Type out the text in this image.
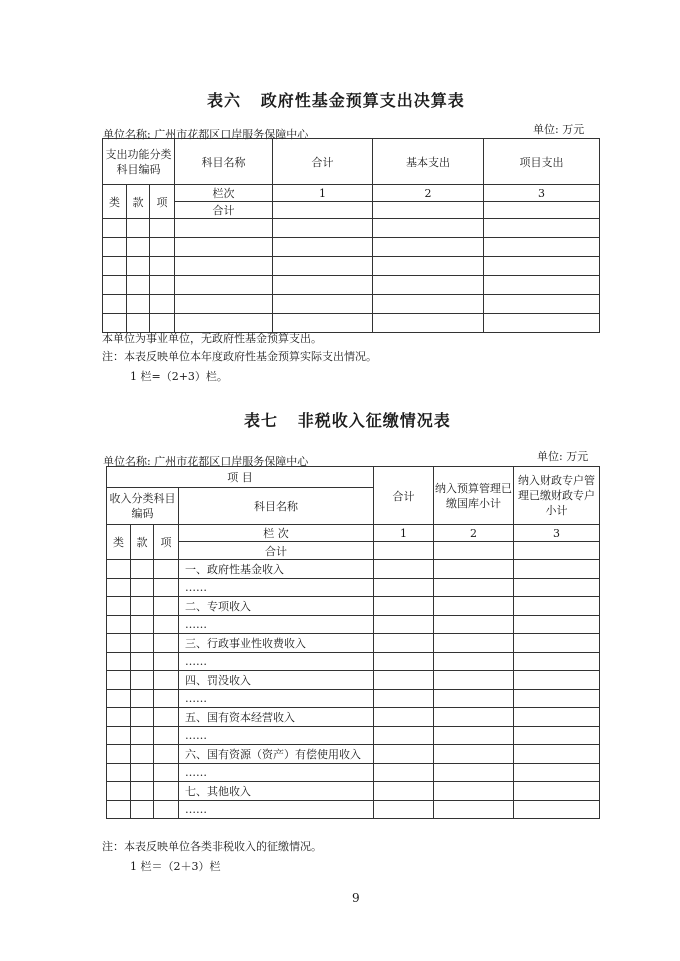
表六   政府性基金预算支出决算表
单位名称: 广州市花都区口岸服务保障中心	单位: 万元
支出功能分类科目编码			科目名称	合计	基本支出	项目支出
类	款	项	栏次	1	2	3
			合计			

本单位为事业单位，无政府性基金预算支出。
注：本表反映单位本年度政府性基金预算实际支出情况。
1 栏=（2+3）栏。
表七   非税收入征缴情况表
单位名称: 广州市花都区口岸服务保障中心	单位: 万元
项 目				合计	纳入预算管理已缴国库小计	纳入财政专户管理已缴财政专户小计
收入分类科目编码			科目名称			
类	款	项	栏 次	1	2	3
			合计			
			一、政府性基金收入			
			……			
			二、专项收入			
			……			
			三、行政事业性收费收入			
			……			
			四、罚没收入			
			……			
			五、国有资本经营收入			
			……			
			六、国有资源（资产）有偿使用收入			
			……			
			七、其他收入			
			……			
注：本表反映单位各类非税收入的征缴情况。
1 栏＝（2＋3）栏
9
